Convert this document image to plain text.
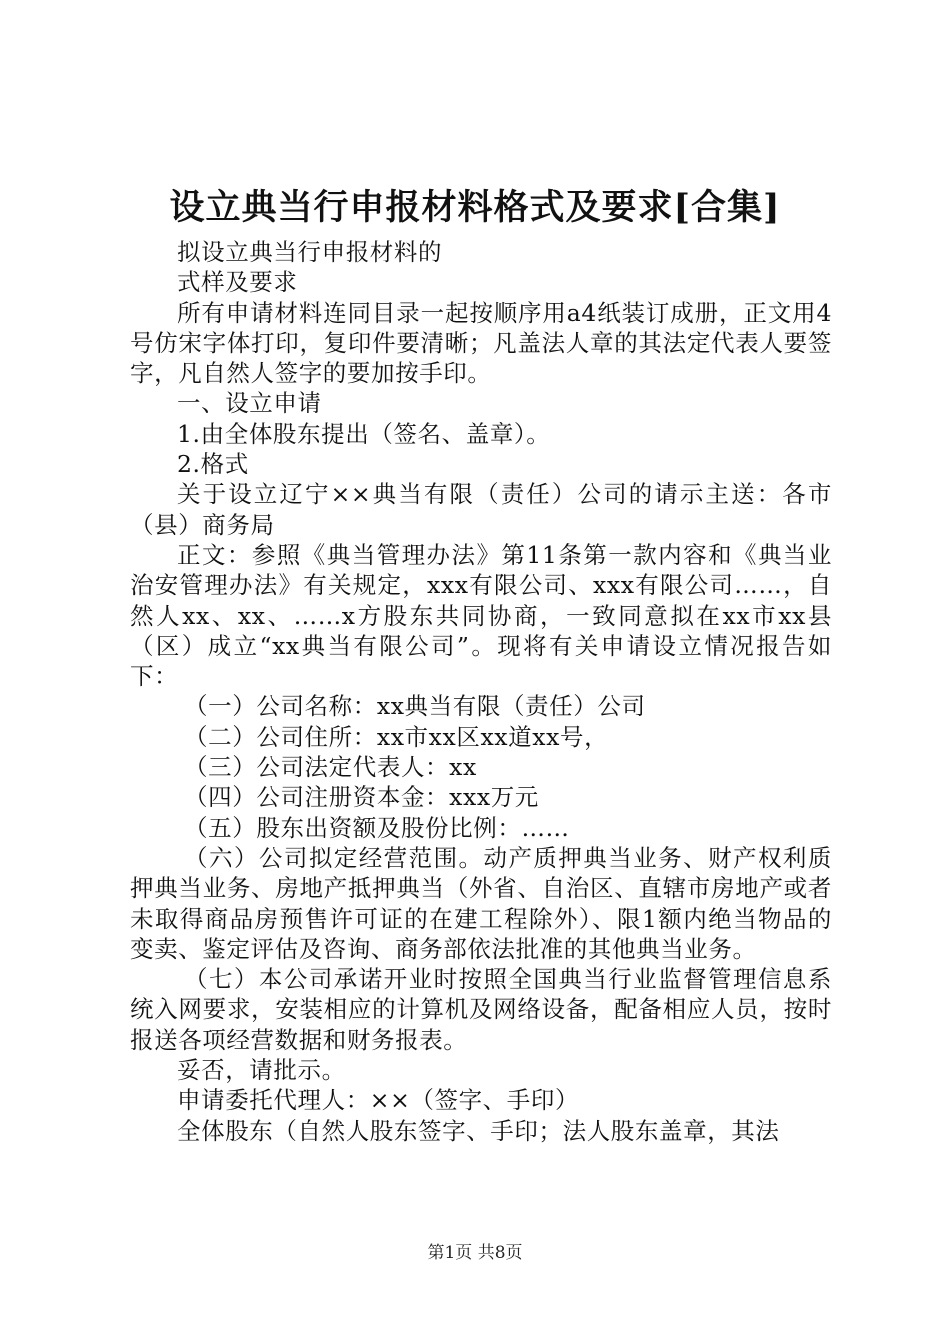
设立典当行申报材料格式及要求[合集]

拟设立典当行申报材料的

式样及要求

所有申请材料连同目录一起按顺序用a4纸装订成册，正文用4号仿宋字体打印，复印件要清晰；凡盖法人章的其法定代表人要签字，凡自然人签字的要加按手印。

一、设立申请

1.由全体股东提出（签名、盖章）。

2.格式

关于设立辽宁××典当有限（责任）公司的请示主送：各市（县）商务局

正文：参照《典当管理办法》第11条第一款内容和《典当业治安管理办法》有关规定，xxx有限公司、xxx有限公司……，自然人xx、xx、……x方股东共同协商，一致同意拟在xx市xx县（区）成立“xx典当有限公司”。现将有关申请设立情况报告如下：

（一）公司名称：xx典当有限（责任）公司

（二）公司住所：xx市xx区xx道xx号，

（三）公司法定代表人：xx

（四）公司注册资本金：xxx万元

（五）股东出资额及股份比例：……

（六）公司拟定经营范围。动产质押典当业务、财产权利质押典当业务、房地产抵押典当（外省、自治区、直辖市房地产或者未取得商品房预售许可证的在建工程除外）、限1额内绝当物品的变卖、鉴定评估及咨询、商务部依法批准的其他典当业务。

（七）本公司承诺开业时按照全国典当行业监督管理信息系统入网要求，安装相应的计算机及网络设备，配备相应人员，按时报送各项经营数据和财务报表。

妥否，请批示。

申请委托代理人：××（签字、手印）

全体股东（自然人股东签字、手印；法人股东盖章，其法

第1页 共8页
